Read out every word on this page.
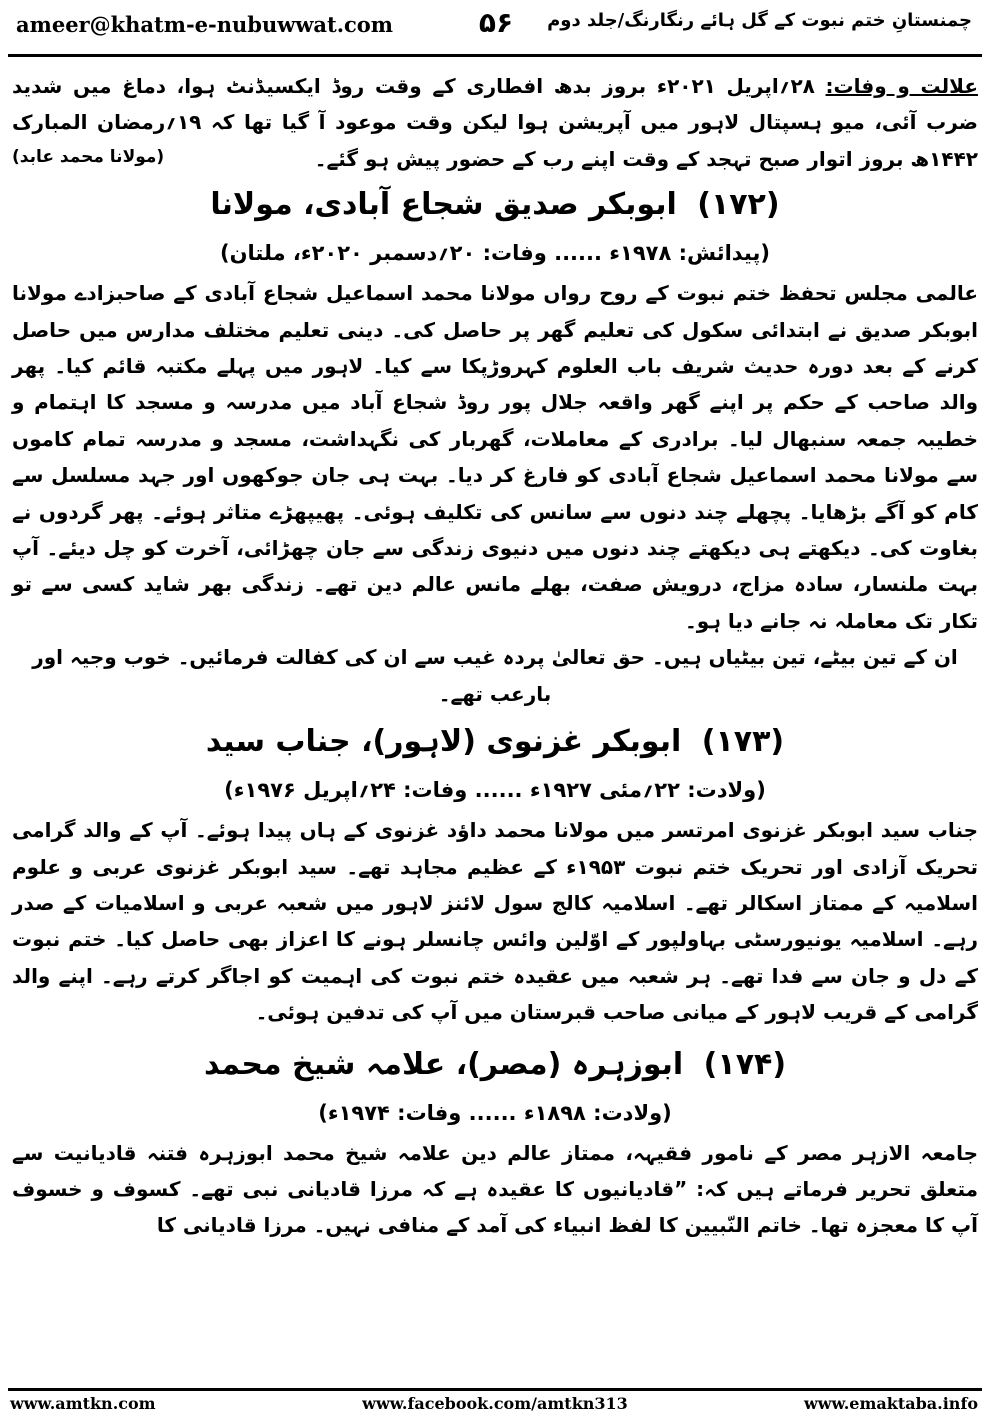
ameer@khatm-e-nubuwwat.com	۵۶	چمنستانِ ختم نبوت کے گل ہائے رنگارنگ/جلد دوم

علالت و وفات: ۲۸؍اپریل ۲۰۲۱ء بروز بدھ افطاری کے وقت روڈ ایکسیڈنٹ ہوا، دماغ میں شدید ضرب آئی، میو ہسپتال لاہور میں آپریشن ہوا لیکن وقت موعود آ گیا تھا کہ ۱۹؍رمضان المبارک ۱۴۴۲ھ بروز اتوار صبح تہجد کے وقت اپنے رب کے حضور پیش ہو گئے۔

(مولانا محمد عابد)
(۱۷۲) ابوبکر صدیق شجاع آبادی، مولانا
(پیدائش: ۱۹۷۸ء ...... وفات: ۲۰؍دسمبر ۲۰۲۰ء، ملتان)

عالمی مجلس تحفظ ختم نبوت کے روح رواں مولانا محمد اسماعیل شجاع آبادی کے صاحبزادے مولانا ابوبکر صدیق نے ابتدائی سکول کی تعلیم گھر پر حاصل کی۔ دینی تعلیم مختلف مدارس میں حاصل کرنے کے بعد دورہ حدیث شریف باب العلوم کہروڑپکا سے کیا۔ لاہور میں پہلے مکتبہ قائم کیا۔ پھر والد صاحب کے حکم پر اپنے گھر واقعہ جلال پور روڈ شجاع آباد میں مدرسہ و مسجد کا اہتمام و خطیبہ جمعہ سنبھال لیا۔ برادری کے معاملات، گھربار کی نگہداشت، مسجد و مدرسہ تمام کاموں سے مولانا محمد اسماعیل شجاع آبادی کو فارغ کر دیا۔ بہت ہی جان جوکھوں اور جہد مسلسل سے کام کو آگے بڑھایا۔ پچھلے چند دنوں سے سانس کی تکلیف ہوئی۔ پھیپھڑے متاثر ہوئے۔ پھر گردوں نے بغاوت کی۔ دیکھتے ہی دیکھتے چند دنوں میں دنیوی زندگی سے جان چھڑائی، آخرت کو چل دیئے۔ آپ بہت ملنسار، سادہ مزاج، درویش صفت، بھلے مانس عالم دین تھے۔ زندگی بھر شاید کسی سے تو تکار تک معاملہ نہ جانے دیا ہو۔

ان کے تین بیٹے، تین بیٹیاں ہیں۔ حق تعالیٰ پردہ غیب سے ان کی کفالت فرمائیں۔ خوب وجیہ اور بارعب تھے۔

(۱۷۳) ابوبکر غزنوی (لاہور)، جناب سید
(ولادت: ۲۲؍مئی ۱۹۲۷ء ...... وفات: ۲۴؍اپریل ۱۹۷۶ء)

جناب سید ابوبکر غزنوی امرتسر میں مولانا محمد داؤد غزنوی کے ہاں پیدا ہوئے۔ آپ کے والد گرامی تحریک آزادی اور تحریک ختم نبوت ۱۹۵۳ء کے عظیم مجاہد تھے۔ سید ابوبکر غزنوی عربی و علوم اسلامیہ کے ممتاز اسکالر تھے۔ اسلامیہ کالج سول لائنز لاہور میں شعبہ عربی و اسلامیات کے صدر رہے۔ اسلامیہ یونیورسٹی بہاولپور کے اوّلین وائس چانسلر ہونے کا اعزاز بھی حاصل کیا۔ ختم نبوت کے دل و جان سے فدا تھے۔ ہر شعبہ میں عقیدہ ختم نبوت کی اہمیت کو اجاگر کرتے رہے۔ اپنے والد گرامی کے قریب لاہور کے میانی صاحب قبرستان میں آپ کی تدفین ہوئی۔

(۱۷۴) ابوزہرہ (مصر)، علامہ شیخ محمد
(ولادت: ۱۸۹۸ء ...... وفات: ۱۹۷۴ء)

جامعہ الازہر مصر کے نامور فقیہہ، ممتاز عالم دین علامہ شیخ محمد ابوزہرہ فتنہ قادیانیت سے متعلق تحریر فرماتے ہیں کہ: ”قادیانیوں کا عقیدہ ہے کہ مرزا قادیانی نبی تھے۔ کسوف و خسوف آپ کا معجزہ تھا۔ خاتم النّبیین کا لفظ انبیاء کی آمد کے منافی نہیں۔ مرزا قادیانی کا

www.amtkn.com	www.facebook.com/amtkn313	www.emaktaba.info
